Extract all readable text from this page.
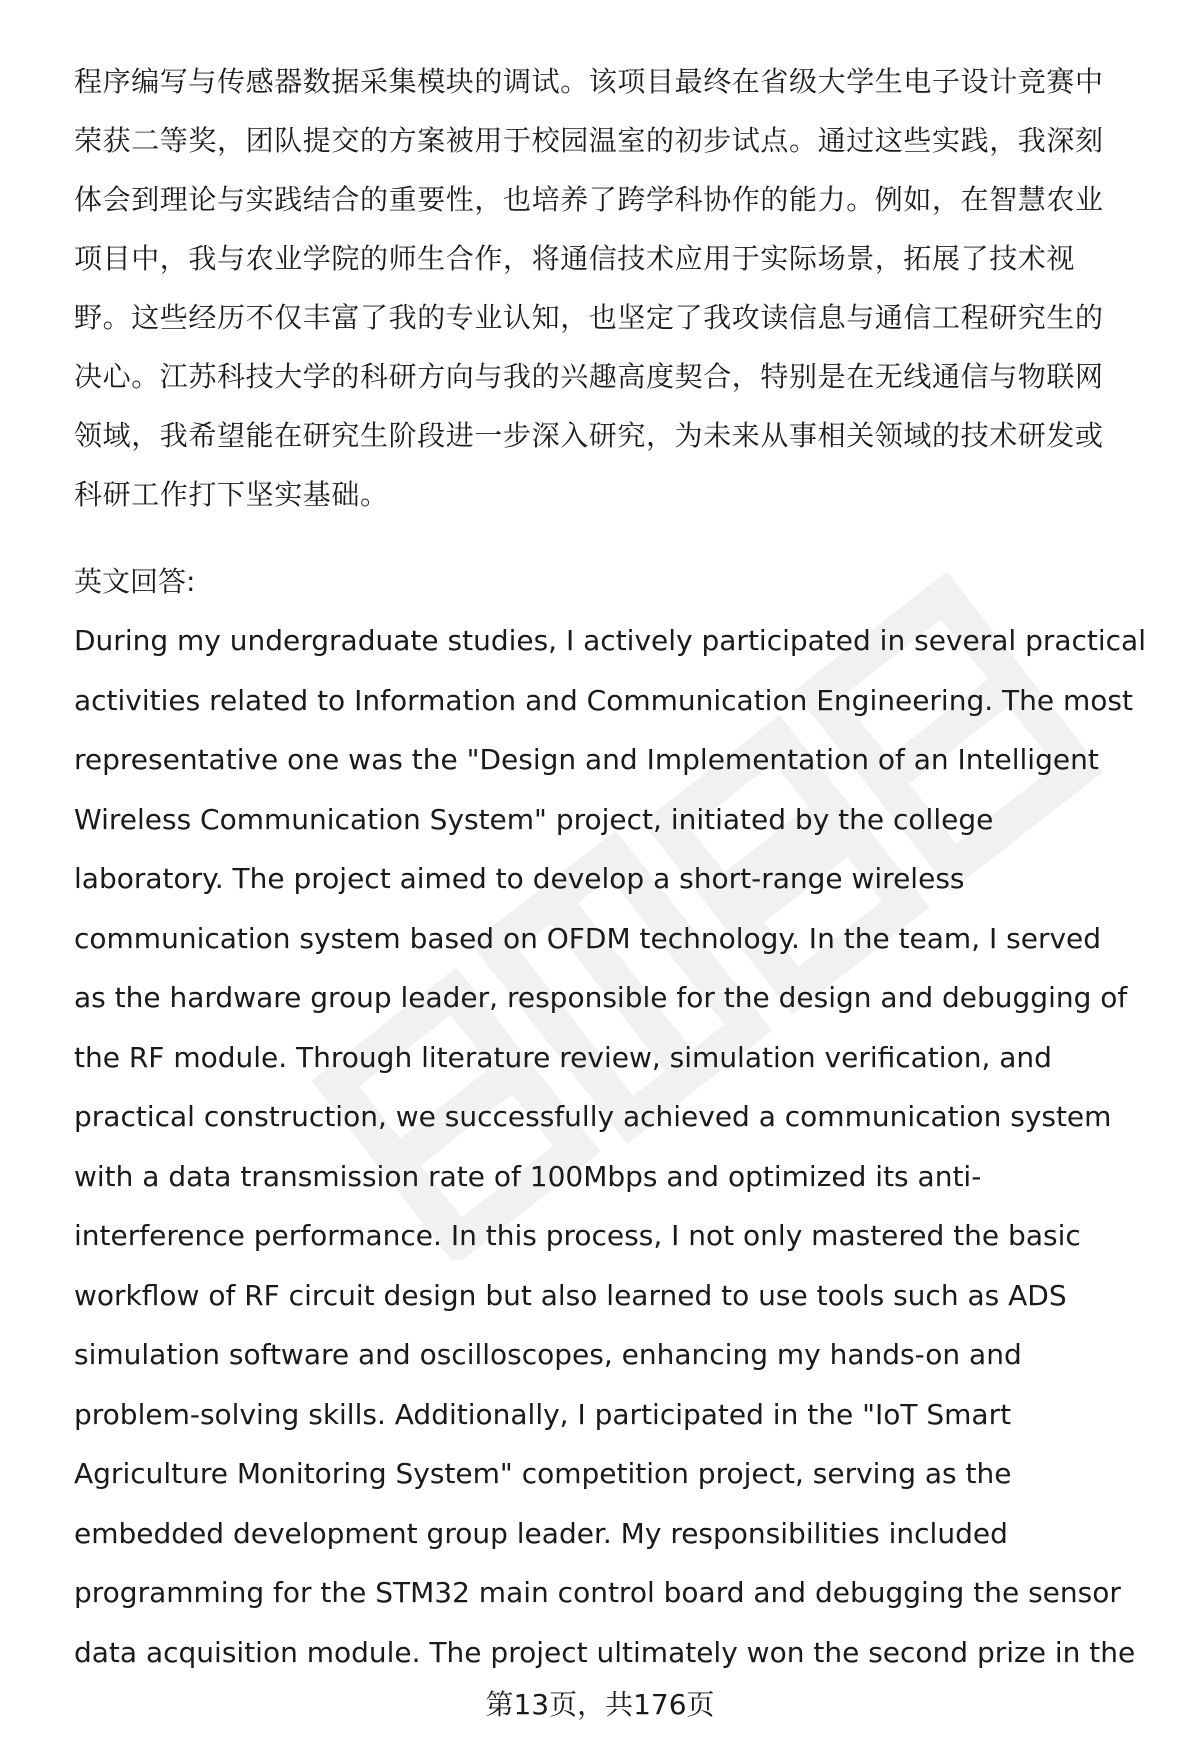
程序编写与传感器数据采集模块的调试。该项目最终在省级大学生电子设计竞赛中
荣获二等奖，团队提交的方案被用于校园温室的初步试点。通过这些实践，我深刻
体会到理论与实践结合的重要性，也培养了跨学科协作的能力。例如，在智慧农业
项目中，我与农业学院的师生合作，将通信技术应用于实际场景，拓展了技术视
野。这些经历不仅丰富了我的专业认知，也坚定了我攻读信息与通信工程研究生的
决心。江苏科技大学的科研方向与我的兴趣高度契合，特别是在无线通信与物联网
领域，我希望能在研究生阶段进一步深入研究，为未来从事相关领域的技术研发或
科研工作打下坚实基础。
英文回答:
During my undergraduate studies, I actively participated in several practical
activities related to Information and Communication Engineering. The most
representative one was the "Design and Implementation of an Intelligent
Wireless Communication System" project, initiated by the college
laboratory. The project aimed to develop a short-range wireless
communication system based on OFDM technology. In the team, I served
as the hardware group leader, responsible for the design and debugging of
the RF module. Through literature review, simulation verification, and
practical construction, we successfully achieved a communication system
with a data transmission rate of 100Mbps and optimized its anti-
interference performance. In this process, I not only mastered the basic
workflow of RF circuit design but also learned to use tools such as ADS
simulation software and oscilloscopes, enhancing my hands-on and
problem-solving skills. Additionally, I participated in the "IoT Smart
Agriculture Monitoring System" competition project, serving as the
embedded development group leader. My responsibilities included
programming for the STM32 main control board and debugging the sensor
data acquisition module. The project ultimately won the second prize in the
第13页，共176页
